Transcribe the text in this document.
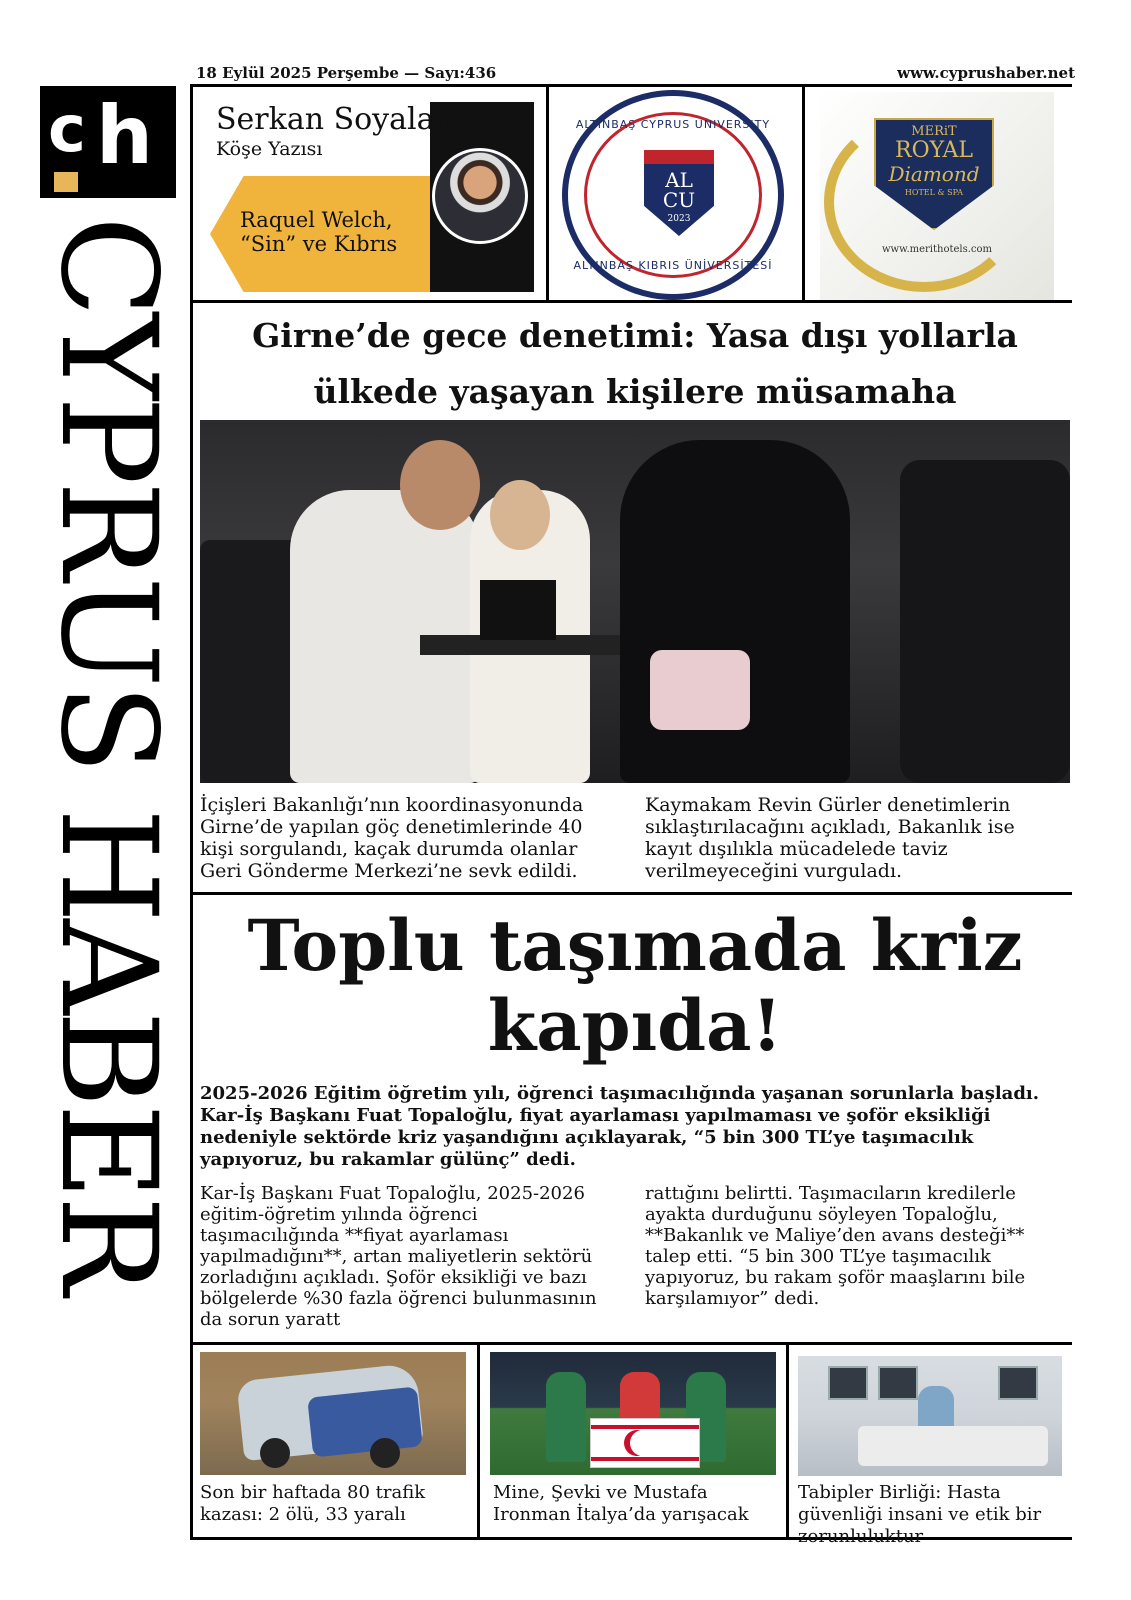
c h
CYPRUS HABER
18 Eylül 2025 Perşembe — Sayı:436	www.cyprushaber.net
Serkan Soyalan
Köşe Yazısı
Raquel Welch,
“Sin” ve Kıbrıs
ALTINBAŞ CYPRUS UNIVERSITY
ALTINBAŞ KIBRIS ÜNİVERSİTESİ
AL
CU
2023
MERiT
ROYAL
Diamond
HOTEL & SPA
www.merithotels.com
Girne’de gece denetimi: Yasa dışı yollarla ülkede yaşayan kişilere müsamaha

İçişleri Bakanlığı’nın koordinasyonunda Girne’de yapılan göç denetimlerinde 40 kişi sorgulandı, kaçak durumda olanlar Geri Gönderme Merkezi’ne sevk edildi.

Kaymakam Revin Gürler denetimlerin sıklaştırılacağını açıkladı, Bakanlık ise kayıt dışılıkla mücadelede taviz verilmeyeceğini vurguladı.

Toplu taşımada kriz
kapıda!

2025-2026 Eğitim öğretim yılı, öğrenci taşımacılığında yaşanan sorunlarla başladı. Kar-İş Başkanı Fuat Topaloğlu, fiyat ayarlaması yapılmaması ve şoför eksikliği nedeniyle sektörde kriz yaşandığını açıklayarak, “5 bin 300 TL’ye taşımacılık yapıyoruz, bu rakamlar gülünç” dedi.

Kar-İş Başkanı Fuat Topaloğlu, 2025-2026 eğitim-öğretim yılında öğrenci taşımacılığında **fiyat ayarlaması yapılmadığını**, artan maliyetlerin sektörü zorladığını açıkladı. Şoför eksikliği ve bazı bölgelerde %30 fazla öğrenci bulunmasının da sorun yaratt

rattığını belirtti. Taşımacıların kredilerle ayakta durduğunu söyleyen Topaloğlu, **Bakanlık ve Maliye’den avans desteği** talep etti. “5 bin 300 TL’ye taşımacılık yapıyoruz, bu rakam şoför maaşlarını bile karşılamıyor” dedi.

Son bir haftada 80 trafik kazası: 2 ölü, 33 yaralı

Mine, Şevki ve Mustafa Ironman İtalya’da yarışacak

Tabipler Birliği: Hasta güvenliği insani ve etik bir zorunluluktur
